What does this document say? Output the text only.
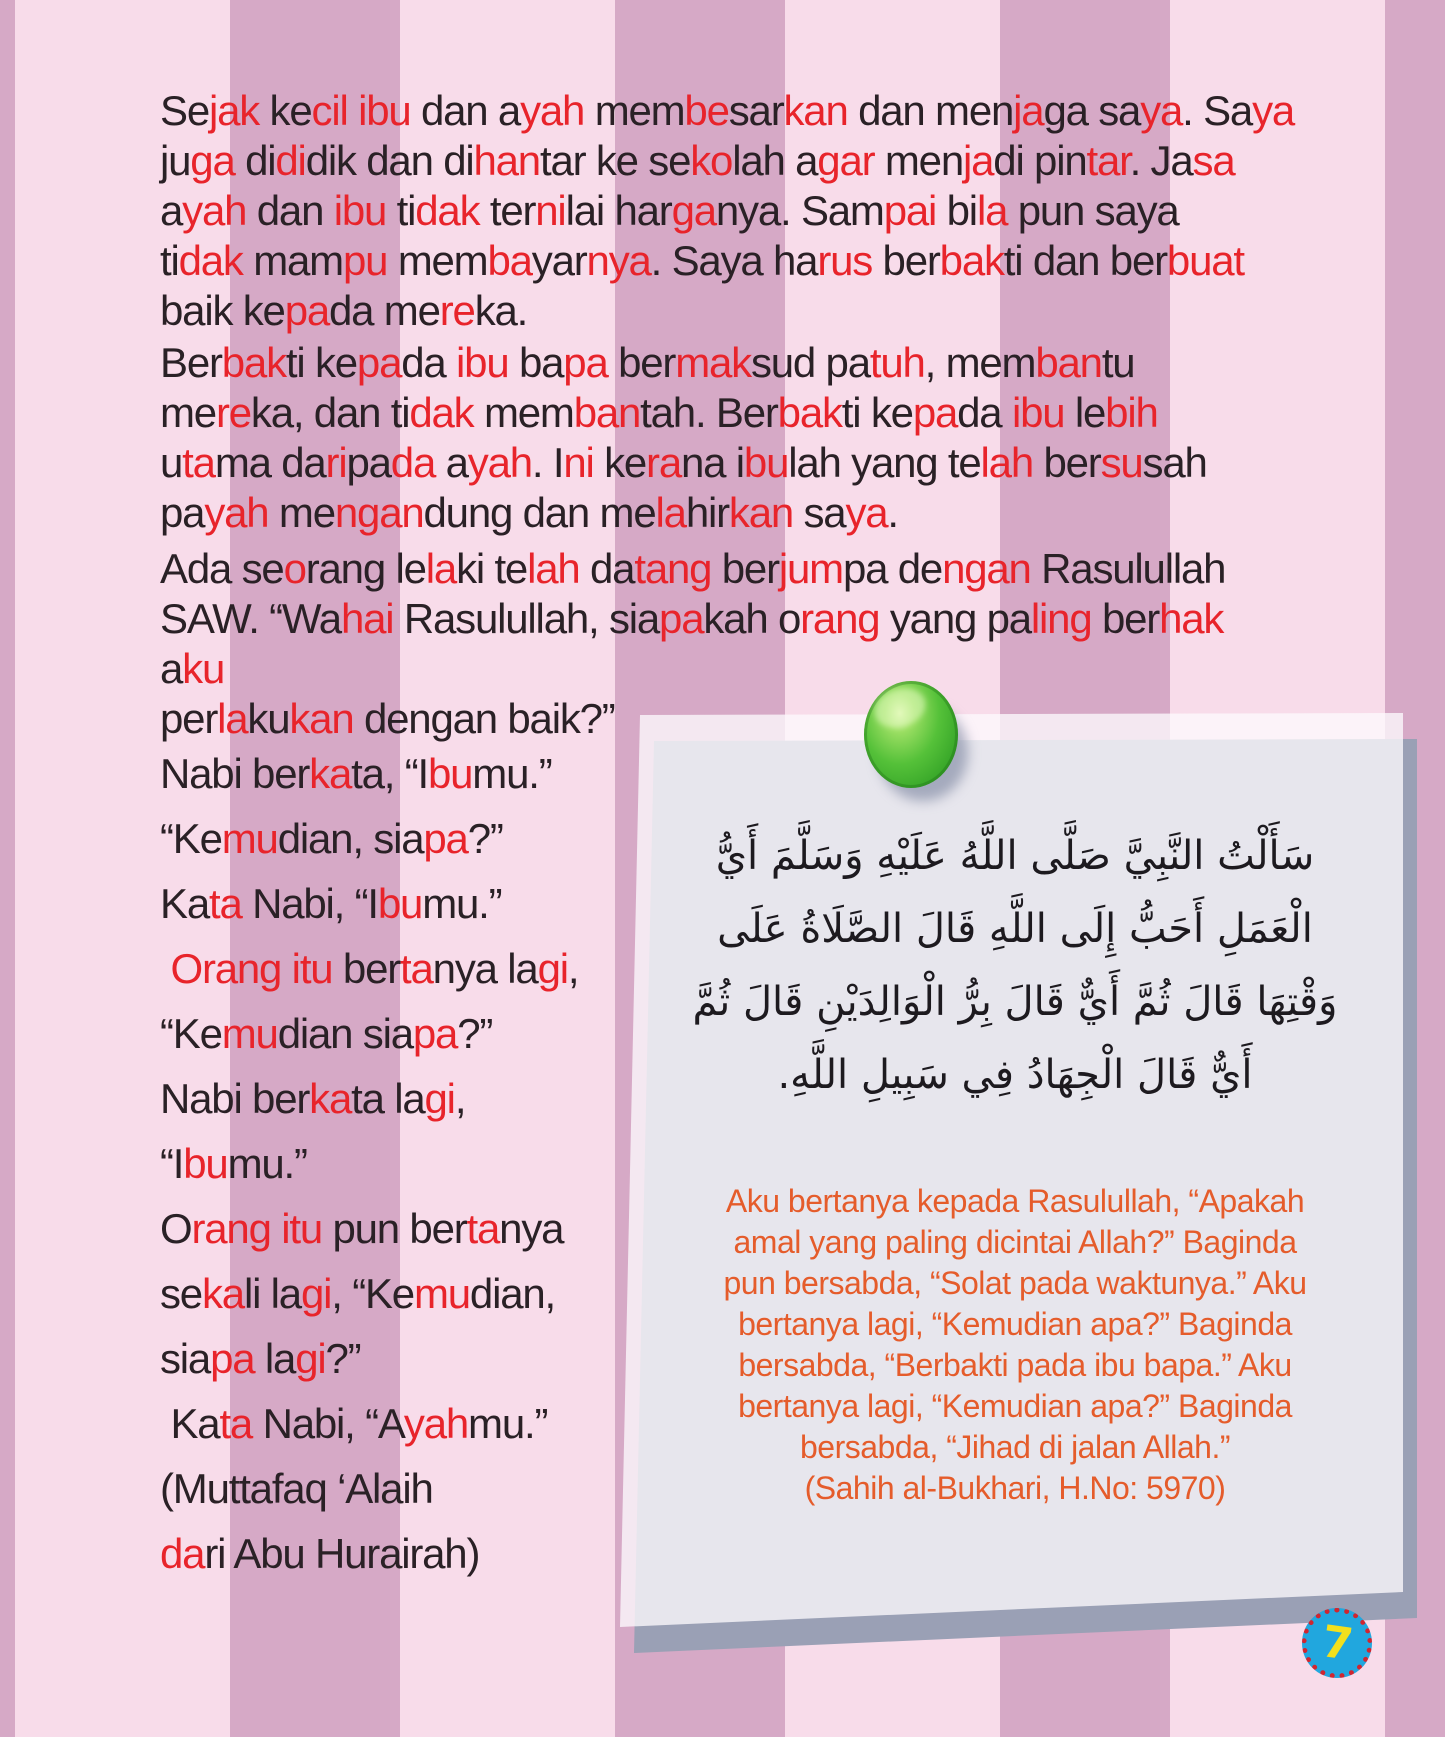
Sejak kecil ibu dan ayah membesarkan dan menjaga saya. Saya
juga dididik dan dihantar ke sekolah agar menjadi pintar. Jasa
ayah dan ibu tidak ternilai harganya. Sampai bila pun saya
tidak mampu membayarnya. Saya harus berbakti dan berbuat
baik kepada mereka.
Berbakti kepada ibu bapa bermaksud patuh, membantu
mereka, dan tidak membantah. Berbakti kepada ibu lebih
utama daripada ayah. Ini kerana ibulah yang telah bersusah
payah mengandung dan melahirkan saya.
Ada seorang lelaki telah datang berjumpa dengan Rasulullah
SAW. “Wahai Rasulullah, siapakah orang yang paling berhak
aku
perlakukan dengan baik?”
Nabi berkata, “Ibumu.”
“Kemudian, siapa?”
Kata Nabi, “Ibumu.”
Orang itu bertanya lagi,
“Kemudian siapa?”
Nabi berkata lagi,
“Ibumu.”
Orang itu pun bertanya
sekali lagi, “Kemudian,
siapa lagi?”
Kata Nabi, “Ayahmu.”
(Muttafaq ‘Alaih
dari Abu Hurairah)
سَأَلْتُ النَّبِيَّ صَلَّى اللَّهُ عَلَيْهِ وَسَلَّمَ أَيُّ
الْعَمَلِ أَحَبُّ إِلَى اللَّهِ قَالَ الصَّلَاةُ عَلَى
وَقْتِهَا قَالَ ثُمَّ أَيٌّ قَالَ بِرُّ الْوَالِدَيْنِ قَالَ ثُمَّ
أَيٌّ قَالَ الْجِهَادُ فِي سَبِيلِ اللَّهِ.
Aku bertanya kepada Rasulullah, “Apakah
amal yang paling dicintai Allah?” Baginda
pun bersabda, “Solat pada waktunya.” Aku
bertanya lagi, “Kemudian apa?” Baginda
bersabda, “Berbakti pada ibu bapa.” Aku
bertanya lagi, “Kemudian apa?” Baginda
bersabda, “Jihad di jalan Allah.”
(Sahih al-Bukhari, H.No: 5970)
7
